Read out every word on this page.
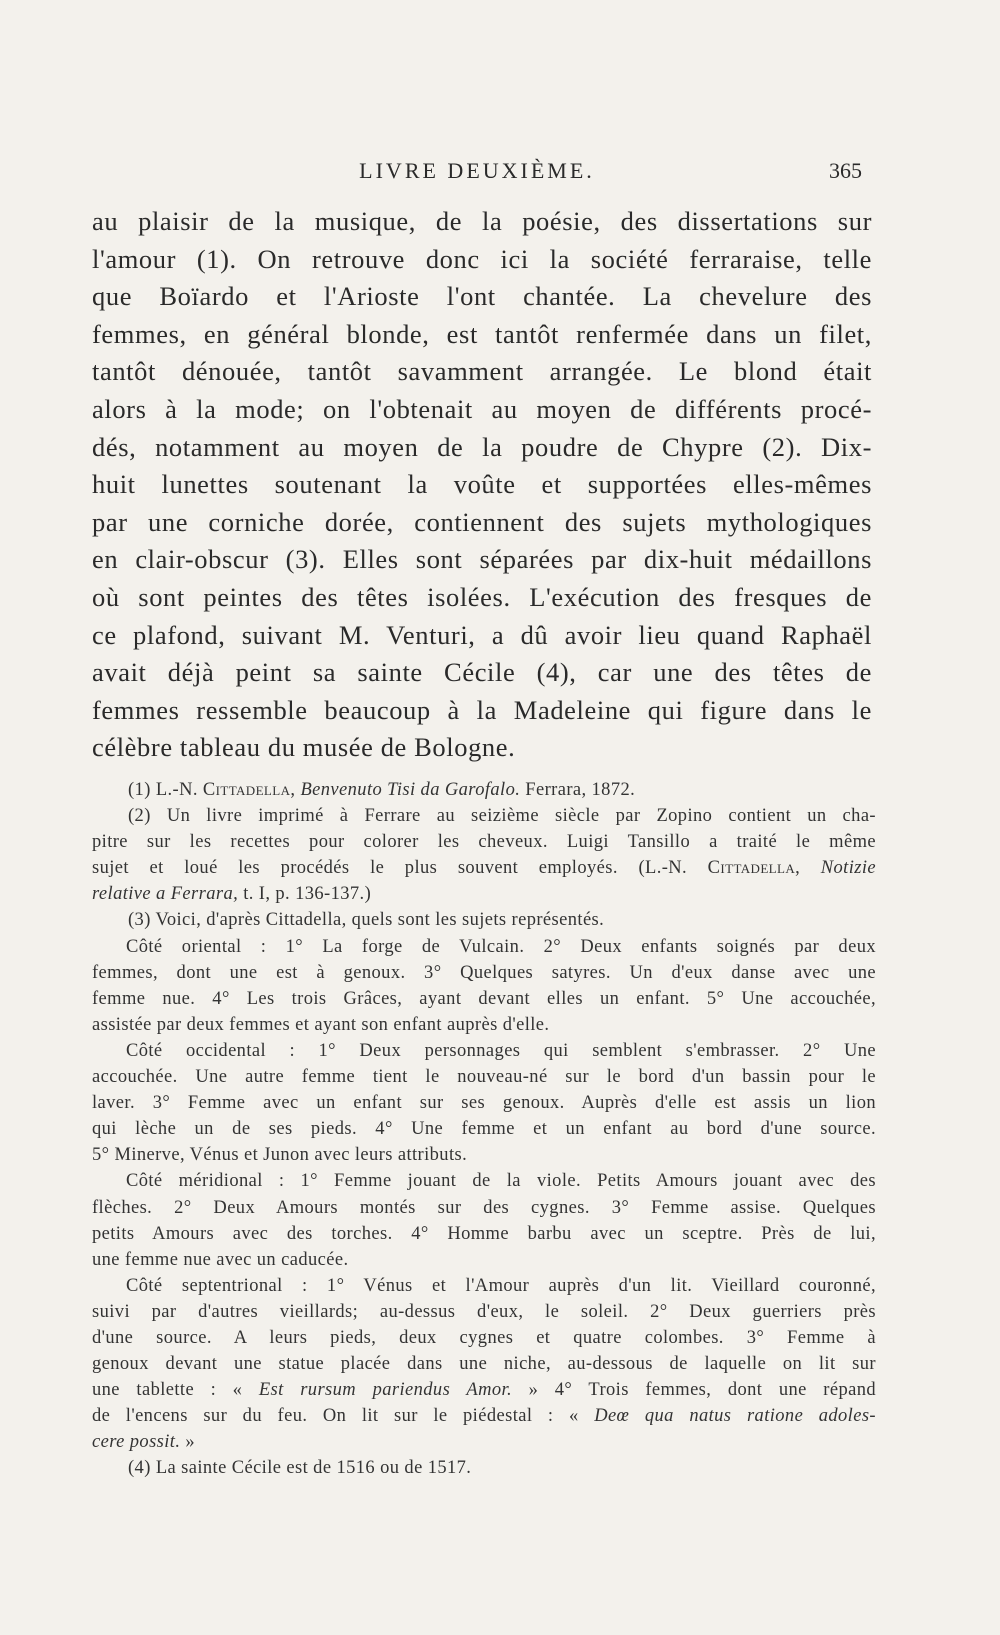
LIVRE DEUXIÈME.	365
au plaisir de la musique, de la poésie, des dissertations sur
l'amour (1). On retrouve donc ici la société ferraraise, telle
que Boïardo et l'Arioste l'ont chantée. La chevelure des
femmes, en général blonde, est tantôt renfermée dans un filet,
tantôt dénouée, tantôt savamment arrangée. Le blond était
alors à la mode; on l'obtenait au moyen de différents procé-
dés, notamment au moyen de la poudre de Chypre (2). Dix-
huit lunettes soutenant la voûte et supportées elles-mêmes
par une corniche dorée, contiennent des sujets mythologiques
en clair-obscur (3). Elles sont séparées par dix-huit médaillons
où sont peintes des têtes isolées. L'exécution des fresques de
ce plafond, suivant M. Venturi, a dû avoir lieu quand Raphaël
avait déjà peint sa sainte Cécile (4), car une des têtes de
femmes ressemble beaucoup à la Madeleine qui figure dans le
célèbre tableau du musée de Bologne.
(1) L.-N. Cittadella, Benvenuto Tisi da Garofalo. Ferrara, 1872.
(2) Un livre imprimé à Ferrare au seizième siècle par Zopino contient un cha-
pitre sur les recettes pour colorer les cheveux. Luigi Tansillo a traité le même
sujet et loué les procédés le plus souvent employés. (L.-N. Cittadella, Notizie
relative a Ferrara, t. I, p. 136-137.)
(3) Voici, d'après Cittadella, quels sont les sujets représentés.
Côté oriental : 1° La forge de Vulcain. 2° Deux enfants soignés par deux
femmes, dont une est à genoux. 3° Quelques satyres. Un d'eux danse avec une
femme nue. 4° Les trois Grâces, ayant devant elles un enfant. 5° Une accouchée,
assistée par deux femmes et ayant son enfant auprès d'elle.
Côté occidental : 1° Deux personnages qui semblent s'embrasser. 2° Une
accouchée. Une autre femme tient le nouveau-né sur le bord d'un bassin pour le
laver. 3° Femme avec un enfant sur ses genoux. Auprès d'elle est assis un lion
qui lèche un de ses pieds. 4° Une femme et un enfant au bord d'une source.
5° Minerve, Vénus et Junon avec leurs attributs.
Côté méridional : 1° Femme jouant de la viole. Petits Amours jouant avec des
flèches. 2° Deux Amours montés sur des cygnes. 3° Femme assise. Quelques
petits Amours avec des torches. 4° Homme barbu avec un sceptre. Près de lui,
une femme nue avec un caducée.
Côté septentrional : 1° Vénus et l'Amour auprès d'un lit. Vieillard couronné,
suivi par d'autres vieillards; au-dessus d'eux, le soleil. 2° Deux guerriers près
d'une source. A leurs pieds, deux cygnes et quatre colombes. 3° Femme à
genoux devant une statue placée dans une niche, au-dessous de laquelle on lit sur
une tablette : « Est rursum pariendus Amor. » 4° Trois femmes, dont une répand
de l'encens sur du feu. On lit sur le piédestal : « Deœ qua natus ratione adoles-
cere possit. »
(4) La sainte Cécile est de 1516 ou de 1517.
